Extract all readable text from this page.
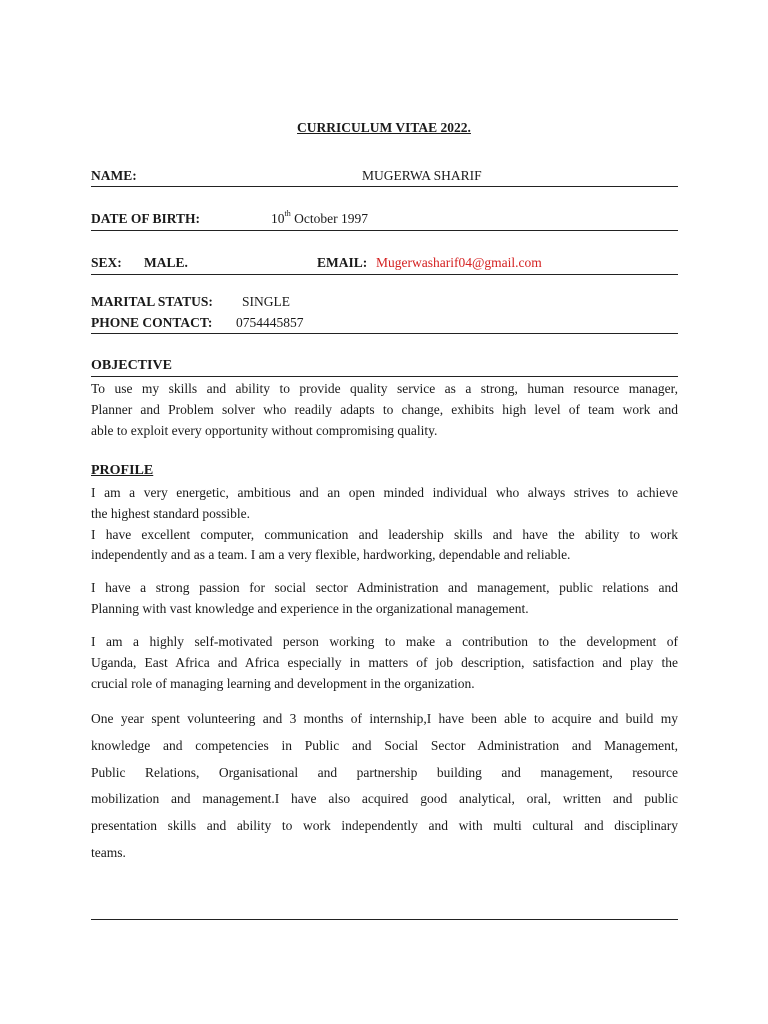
CURRICULUM VITAE 2022.
NAME:	MUGERWA SHARIF
DATE OF BIRTH:	10th October 1997
SEX: MALE.	EMAIL: Mugerwasharif04@gmail.com
MARITAL STATUS: SINGLE
PHONE CONTACT: 0754445857
OBJECTIVE
To use my skills and ability to provide quality service as a strong, human resource manager,
Planner and Problem solver who readily adapts to change, exhibits high level of team work and
able to exploit every opportunity without compromising quality.
PROFILE
I am a very energetic, ambitious and an open minded individual who always strives to achieve
the highest standard possible.
I have excellent computer, communication and leadership skills and have the ability to work
independently and as a team. I am a very flexible, hardworking, dependable and reliable.
I have a strong passion for social sector Administration and management, public relations and
Planning with vast knowledge and experience in the organizational management.
I am a highly self-motivated person working to make a contribution to the development of
Uganda, East Africa and Africa especially in matters of job description, satisfaction and play the
crucial role of managing learning and development in the organization.
One year spent volunteering and 3 months of internship,I have been able to acquire and build my
knowledge and competencies in Public and Social Sector Administration and Management,
Public Relations, Organisational and partnership building and management, resource
mobilization and management.I have also acquired good analytical, oral, written and public
presentation skills and ability to work independently and with multi cultural and disciplinary
teams.
